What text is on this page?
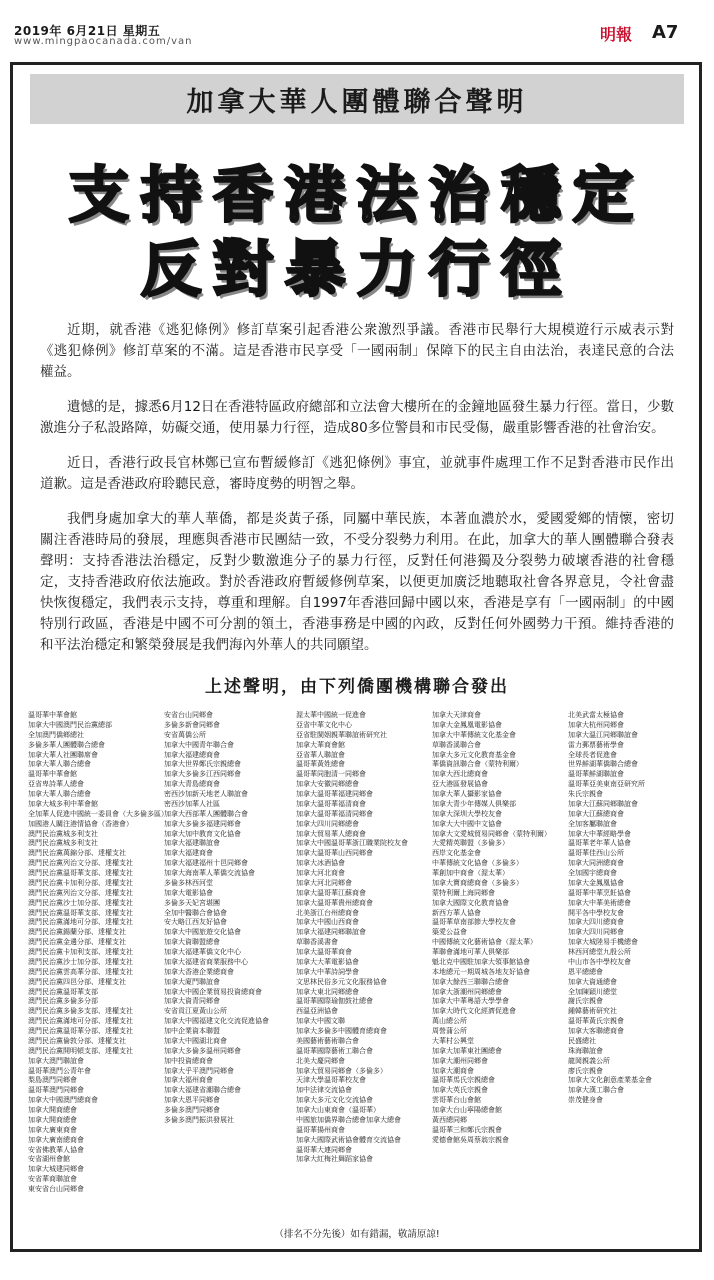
2019年 6月21日 星期五
www.mingpaocanada.com/van	明報 A7
加拿大華人團體聯合聲明
支持香港法治穩定
反對暴力行徑

近期，就香港《逃犯條例》修訂草案引起香港公衆激烈爭議。香港市民舉行大規模遊行示威表示對《逃犯條例》修訂草案的不滿。這是香港市民享受「一國兩制」保障下的民主自由法治，表達民意的合法權益。

遺憾的是，據悉6月12日在香港特區政府總部和立法會大樓所在的金鐘地區發生暴力行徑。當日，少數激進分子私設路障，妨礙交通，使用暴力行徑，造成80多位警員和市民受傷，嚴重影響香港的社會治安。

近日，香港行政長官林鄭已宣布暫緩修訂《逃犯條例》事宜，並就事件處理工作不足對香港市民作出道歉。這是香港政府聆聽民意，審時度勢的明智之舉。

我們身處加拿大的華人華僑，都是炎黃子孫，同屬中華民族，本著血濃於水，愛國愛鄉的情懷，密切關注香港時局的發展，理應與香港市民團結一致，不受分裂勢力利用。在此，加拿大的華人團體聯合發表聲明：支持香港法治穩定，反對少數激進分子的暴力行徑，反對任何港獨及分裂勢力破壞香港的社會穩定，支持香港政府依法施政。對於香港政府暫緩修例草案，以便更加廣泛地聽取社會各界意見，令社會盡快恢復穩定，我們表示支持，尊重和理解。自1997年香港回歸中國以來，香港是享有「一國兩制」的中國特別行政區，香港是中國不可分割的領土，香港事務是中國的內政，反對任何外國勢力干預。維持香港的和平法治穩定和繁榮發展是我們海內外華人的共同願望。

上述聲明，由下列僑團機構聯合發出
溫哥華中華會館
加拿大中國澳門民治黨總部
全加澳門僑鄉總社
多倫多華人團體聯合總會
加拿大華人社團聯席會
加拿大華人聯合總會
溫哥華中華會館
亞省卑詩華人總會
加拿大華人聯合總會
加拿大城多利中華會館
全加華人促進中國統一委員會（大多倫多區）
加國港人關注港情協會（香港會）
澳門民治黨城多利支社
澳門民治黨城多利支社
澳門民治黨萬錦分部、達權支社
澳門民治黨列治文分部、達權支社
澳門民治黨溫哥華支部、達權支社
澳門民治黨卡加利分部、達權支社
澳門民治黨列治文分部、達權支社
澳門民治黨沙士加分部、達權支社
澳門民治黨溫哥華支部、達權支社
澳門民治黨滿地可分部、達權支社
澳門民治黨錫蘭分部、達權支社
澳門民治黨金邊分部、達權支社
澳門民治黨卡加利支部、達權支社
澳門民治黨沙士加分部、達權支社
澳門民治黨雲高華分部、達權支社
澳門民治黨四邑分部、達權支社
澳門民治黨溫哥華支部
澳門民治黨多倫多分部
澳門民治黨多倫多支部、達權支社
澳門民治黨滿地可分部、達權支社
澳門民治黨溫哥華分部、達權支社
澳門民治黨倫敦分部、達權支社
澳門民治黨開明頓支部、達權支社
加拿大澳門聯誼會
溫哥華澳門公青年會
梨島澳門同鄉會
溫哥華澳門同鄉會
加拿大中國澳門總商會
加拿大開商總會
加拿大開商總會
加拿大廣東商會
加拿大廣南總商會
安省佛教華人協會
安省湖州會館
加拿大城建同鄉會
安省華商聯誼會
東安省台山同鄉會
安省台山同鄉會
多倫多新會同鄉會
安省萬僑公所
加拿大中國青年聯合會
加拿大福建總商會
加拿大世界鄭氏宗親總會
加拿大多倫多江西同鄉會
加拿大青島總商會
密西沙加新天地老人聯誼會
密西沙加華人社區
加拿大西部華人團體聯合會
加拿大多倫多福建同鄉會
加拿大加中教育文化協會
加拿大福建聯誼會
加拿大福建商會
加拿大福建福州十邑同鄉會
加拿大海南華人華僑交流協會
多倫多林西河堂
加拿大電影協會
多倫多天妃宮堪團
全加中醫聯合會協會
安大略江西友好協會
加拿大中國旅遊交化協會
加拿大資聯盟總會
加拿大福建華僑文化中心
加拿大福建省商業服務中心
加拿大香港企業總商會
加拿大廈門聯誼會
加拿大中國企業貿易投資總商會
加拿大資青同鄉會
安省貢江夏黃山公所
加拿大中國福建文化交流促進協會
加中企業資本聯盟
加拿大中國湖北商會
加拿大多倫多溫州同鄉會
加中投資總商會
加拿大乎平澳門同鄉會
加拿大福州商會
加拿大福建省潮聯合總會
加拿大恩平同鄉會
多倫多澳門同鄉會
多倫多澳門振洪發展社
渥太華中國統一促進會
亞省中華文化中心
亞省駐閩姻親華聯誼術研究社
加拿大華商會館
亞省華人聯誼會
溫哥華黃姓總會
溫哥華同胞清一同鄉會
加拿大安徽同鄉總會
加拿大溫哥華福建同鄉會
加拿大溫哥華福清商會
加拿大溫哥華福清同鄉會
加拿大四川同鄉總會
加拿大貿易華人總商會
加拿大中國溫哥華浙江職業院校友會
加拿大溫哥華山西同鄉會
加拿大冰酒協會
加拿大河北商會
加拿大河北同鄉會
加拿大溫哥華江蘇商會
加拿大溫哥華貴州總商會
北美浙江台州總商會
加拿大中國山西商會
加拿大福建同鄉聯誼會
草聯香溪書會
加拿大溫哥華商會
加拿大大華電影協會
加拿大中華詩詞學會
文思林民俗多元文化服務協會
加拿大東北同鄉總會
溫哥華國際瑜伽鼓社總會
西溫亞洲協會
加拿大中國文聯
加拿大多倫多中國體育總商會
美國藝術藝術聯合會
溫哥華國際藝術工聯合會
北美大慶同鄉會
加拿大貿易同鄉會（多倫多）
天津大學溫哥華校友會
加中法律交流協會
加拿大多元文化交流協會
加拿大山東商會（溫哥華）
中國旅加僑界聯合總會加拿大總會
溫哥華揚州商會
加拿大國際武術協會體育交流協會
溫哥華大連同鄉會
加拿大紅梅社舞蹈家協會
加拿大天津商會
加拿大金鳳凰電影協會
加拿大中華傳統文化基金會
草聯香溪聯合會
加拿大多元文化教育基金會
華僑資訊聯合會（蒙特利爾）
加拿大西北總商會
亞大港區發展協會
加拿大華人攝影家協會
加拿大青少年傳媒人俱樂部
加拿大深圳大學校友會
加拿大大中國中文協會
加拿大文愛城貿易同鄉會（蒙特利爾）
大愛精英聯盟（多倫多）
西岸文化基金會
中華傳統文化協會（多倫多）
華創加中商會（渥太華）
加拿大寶商總商會（多倫多）
蒙特利爾上海同鄉會
加拿大國際文化教育協會
新西方華人協會
溫哥華草南部節大學校友會
築愛公益會
中國傳統文化藝術協會（渥太華）
華聯會滿地可華人俱樂部
魁北克中國駐加拿大領事館協會
本地總元一期周城各地友好協會
加拿大餘西三聯聯合總會
加拿大浙潮州同鄉總會
加拿大中華粵語大學學會
加拿大時代文化經濟促進會
萬山總公所
周營蒲公所
大華村公興堂
加拿大加華東社團總會
加拿大潮州同鄉會
加拿大潮商會
溫哥華馬氏宗親總會
加拿大英氏宗親會
雲哥華台山會館
加拿大台山寧陽總會館
黃西總同鄉
溫哥華三和鄭氏宗親會
愛德會館吳周蔡翁宗親會
北美武當太極協會
加拿大杭州同鄉會
加拿大溫江同鄉聯誼會
雷力郵票藝術學會
全球長者促進會
世界鮮湖華僑聯合總會
溫哥華鮮湖聯誼會
溫哥華亞美東南亞研究所
朱氏宗親會
加拿大江蘇同鄉聯誼會
加拿大江蘇總商會
全加客屬聯誼會
加拿大中華經略學會
溫哥華老年華人協會
溫哥華佳西山公所
加拿大同洲總商會
全加國宇總商會
加拿大金鳳凰協會
溫哥華中華烹飪協會
加拿大中華美術總會
開平各中學校友會
加拿大四川總商會
加拿大四川同鄉會
加拿大城陸易手機總會
林西河總堂九殷公所
中山市各中學校友會
恩平總總會
加拿大資通總會
全加陳穎川總堂
謝氏宗親會
鍾韓藝術研究社
溫哥華黃氏宗親會
加拿大客聯總商會
民盛總社
珠海聯誼會
龍岡親義公所
廖氏宗親會
加拿大文化創意產業基金會
加拿大漢工聯合會
崇茂健身會
（排名不分先後）如有錯漏，敬請原諒!
